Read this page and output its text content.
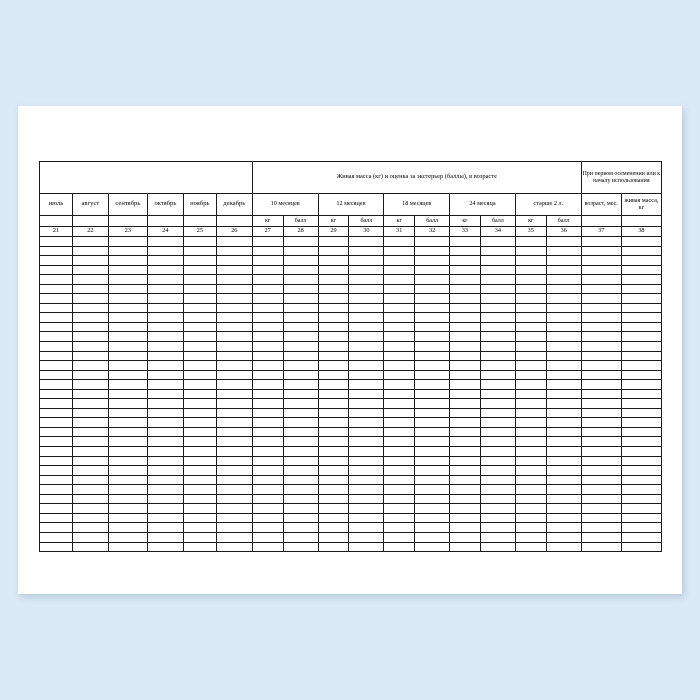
						Живая масса (кг) и оценка за экстерьер (баллы), в возрасте										При первом осеменении или к началу использования	
июль	август	сентябрь	октябрь	ноябрь	декабрь	10 месяцев		12 месяцев		18 месяцев		24 месяца		старше 2 л.		возраст, мес.	живая масса, кг
						кг	балл	кг	балл	кг	балл	кг	балл	кг	балл		
21	22	23	24	25	26	27	28	29	30	31	32	33	34	35	36	37	38
